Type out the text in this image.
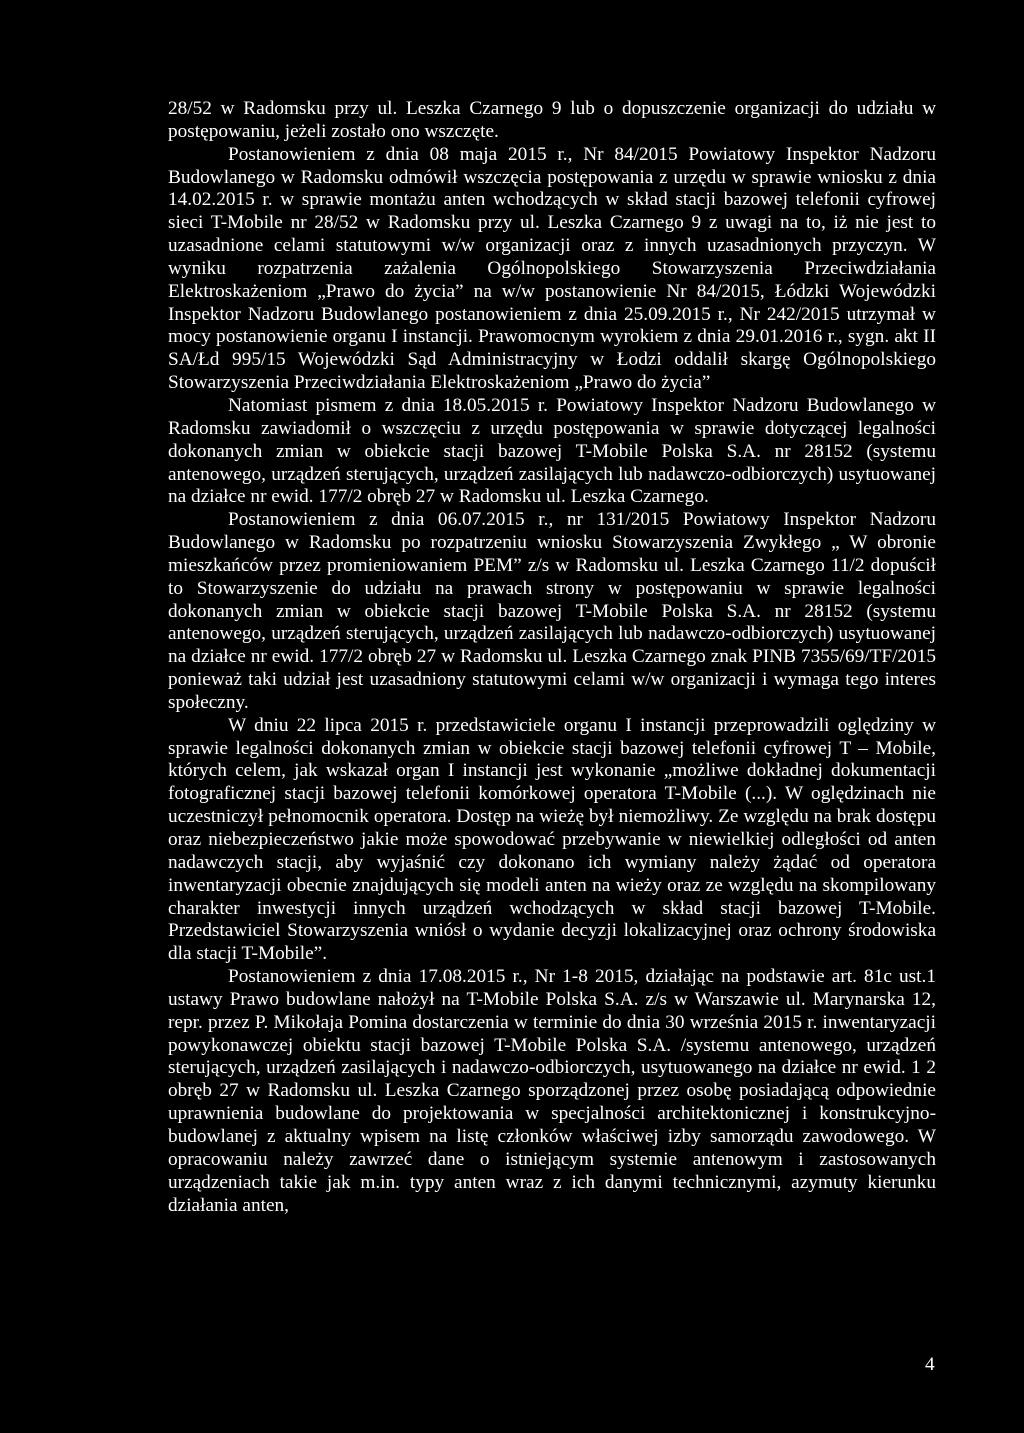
28/52 w Radomsku przy ul. Leszka Czarnego 9 lub o dopuszczenie organizacji do udziału w postępowaniu, jeżeli zostało ono wszczęte.

Postanowieniem z dnia 08 maja 2015 r., Nr 84/2015 Powiatowy Inspektor Nadzoru Budowlanego w Radomsku odmówił wszczęcia postępowania z urzędu w sprawie wniosku z dnia 14.02.2015 r. w sprawie montażu anten wchodzących w skład stacji bazowej telefonii cyfrowej sieci T-Mobile nr 28/52 w Radomsku przy ul. Leszka Czarnego 9 z uwagi na to, iż nie jest to uzasadnione celami statutowymi w/w organizacji oraz z innych uzasadnionych przyczyn. W wyniku rozpatrzenia zażalenia Ogólnopolskiego Stowarzyszenia Przeciwdziałania Elektroskażeniom „Prawo do życia” na w/w postanowienie Nr 84/2015, Łódzki Wojewódzki Inspektor Nadzoru Budowlanego postanowieniem z dnia 25.09.2015 r., Nr 242/2015 utrzymał w mocy postanowienie organu I instancji. Prawomocnym wyrokiem z dnia 29.01.2016 r., sygn. akt II SA/Łd 995/15 Wojewódzki Sąd Administracyjny w Łodzi oddalił skargę Ogólnopolskiego Stowarzyszenia Przeciwdziałania Elektroskażeniom „Prawo do życia”

Natomiast pismem z dnia 18.05.2015 r. Powiatowy Inspektor Nadzoru Budowlanego w Radomsku zawiadomił o wszczęciu z urzędu postępowania w sprawie dotyczącej legalności dokonanych zmian w obiekcie stacji bazowej T-Mobile Polska S.A. nr 28152 (systemu antenowego, urządzeń sterujących, urządzeń zasilających lub nadawczo-odbiorczych) usytuowanej na działce nr ewid. 177/2 obręb 27 w Radomsku ul. Leszka Czarnego.

Postanowieniem z dnia 06.07.2015 r., nr 131/2015 Powiatowy Inspektor Nadzoru Budowlanego w Radomsku po rozpatrzeniu wniosku Stowarzyszenia Zwykłego „ W obronie mieszkańców przez promieniowaniem PEM” z/s w Radomsku ul. Leszka Czarnego 11/2 dopuścił to Stowarzyszenie do udziału na prawach strony w postępowaniu w sprawie legalności dokonanych zmian w obiekcie stacji bazowej T-Mobile Polska S.A. nr 28152 (systemu antenowego, urządzeń sterujących, urządzeń zasilających lub nadawczo-odbiorczych) usytuowanej na działce nr ewid. 177/2 obręb 27 w Radomsku ul. Leszka Czarnego znak PINB 7355/69/TF/2015 ponieważ taki udział jest uzasadniony statutowymi celami w/w organizacji i wymaga tego interes społeczny.

W dniu 22 lipca 2015 r. przedstawiciele organu I instancji przeprowadzili oględziny w sprawie legalności dokonanych zmian w obiekcie stacji bazowej telefonii cyfrowej T – Mobile, których celem, jak wskazał organ I instancji jest wykonanie „możliwe dokładnej dokumentacji fotograficznej stacji bazowej telefonii komórkowej operatora T-Mobile (...). W oględzinach nie uczestniczył pełnomocnik operatora. Dostęp na wieżę był niemożliwy. Ze względu na brak dostępu oraz niebezpieczeństwo jakie może spowodować przebywanie w niewielkiej odległości od anten nadawczych stacji, aby wyjaśnić czy dokonano ich wymiany należy żądać od operatora inwentaryzacji obecnie znajdujących się modeli anten na wieży oraz ze względu na skompilowany charakter inwestycji innych urządzeń wchodzących w skład stacji bazowej T-Mobile. Przedstawiciel Stowarzyszenia wniósł o wydanie decyzji lokalizacyjnej oraz ochrony środowiska dla stacji T-Mobile”.

Postanowieniem z dnia 17.08.2015 r., Nr 1-8 2015, działając na podstawie art. 81c ust.1 ustawy Prawo budowlane nałożył na T-Mobile Polska S.A. z/s w Warszawie ul. Marynarska 12, repr. przez P. Mikołaja Pomina dostarczenia w terminie do dnia 30 września 2015 r. inwentaryzacji powykonawczej obiektu stacji bazowej T-Mobile Polska S.A. /systemu antenowego, urządzeń sterujących, urządzeń zasilających i nadawczo-odbiorczych, usytuowanego na działce nr ewid. 1 2 obręb 27 w Radomsku ul. Leszka Czarnego sporządzonej przez osobę posiadającą odpowiednie uprawnienia budowlane do projektowania w specjalności architektonicznej i konstrukcyjno-budowlanej z aktualny wpisem na listę członków właściwej izby samorządu zawodowego. W opracowaniu należy zawrzeć dane o istniejącym systemie antenowym i zastosowanych urządzeniach takie jak m.in. typy anten wraz z ich danymi technicznymi, azymuty kierunku działania anten,

4
